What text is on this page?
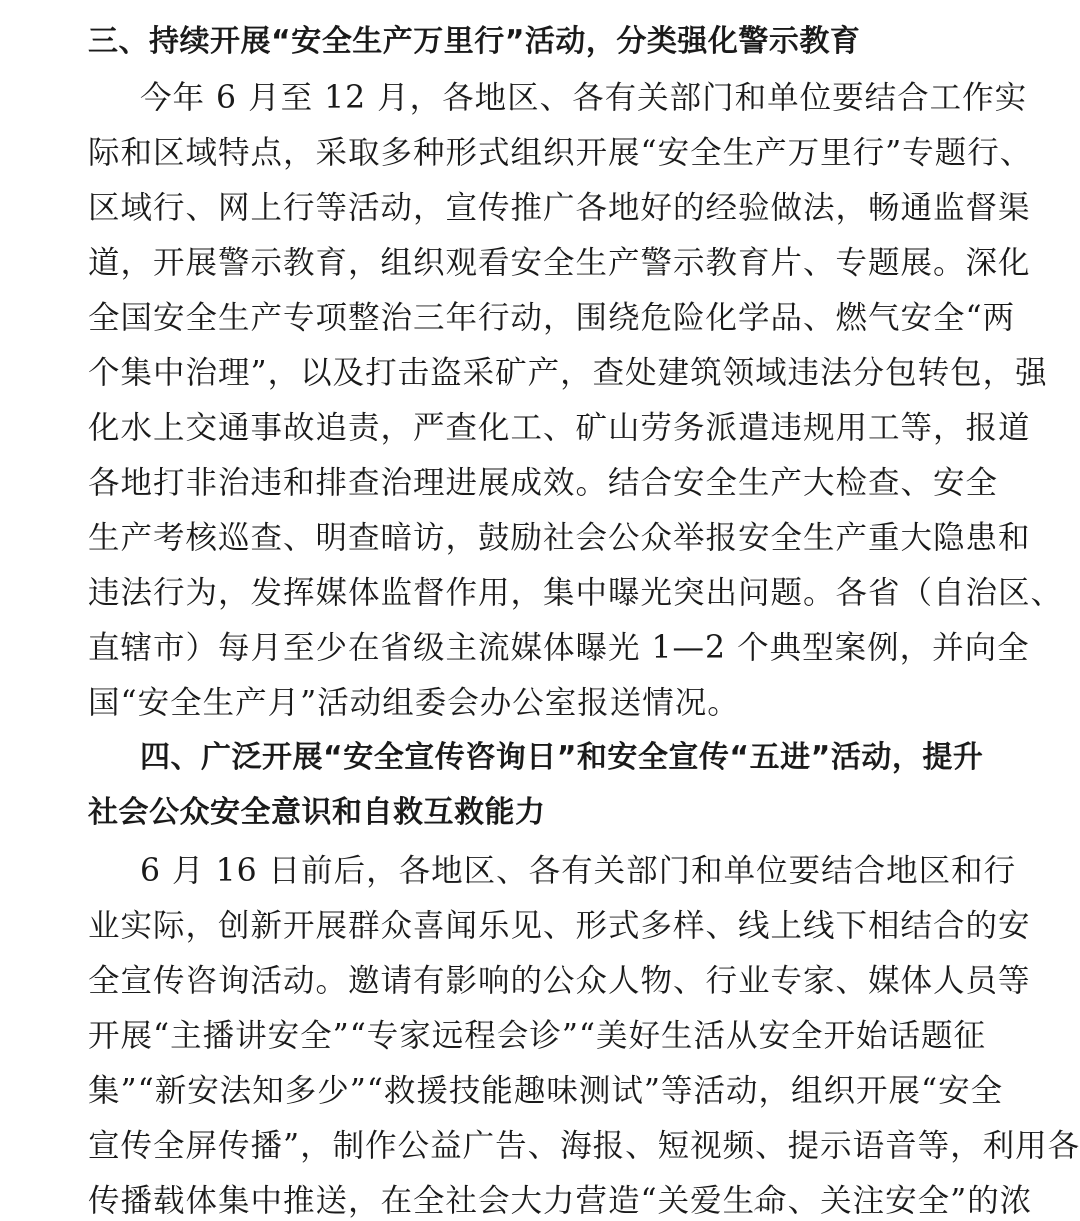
三、持续开展“安全生产万里行”活动，分类强化警示教育
今年 6 月至 12 月，各地区、各有关部门和单位要结合工作实
际和区域特点，采取多种形式组织开展“安全生产万里行”专题行、
区域行、网上行等活动，宣传推广各地好的经验做法，畅通监督渠
道，开展警示教育，组织观看安全生产警示教育片、专题展。深化
全国安全生产专项整治三年行动，围绕危险化学品、燃气安全“两
个集中治理”，以及打击盗采矿产，查处建筑领域违法分包转包，强
化水上交通事故追责，严查化工、矿山劳务派遣违规用工等，报道
各地打非治违和排查治理进展成效。结合安全生产大检查、安全
生产考核巡查、明查暗访，鼓励社会公众举报安全生产重大隐患和
违法行为，发挥媒体监督作用，集中曝光突出问题。各省（自治区、
直辖市）每月至少在省级主流媒体曝光 1—2 个典型案例，并向全
国“安全生产月”活动组委会办公室报送情况。
四、广泛开展“安全宣传咨询日”和安全宣传“五进”活动，提升
社会公众安全意识和自救互救能力
6 月 16 日前后，各地区、各有关部门和单位要结合地区和行
业实际，创新开展群众喜闻乐见、形式多样、线上线下相结合的安
全宣传咨询活动。邀请有影响的公众人物、行业专家、媒体人员等
开展“主播讲安全”“专家远程会诊”“美好生活从安全开始话题征
集”“新安法知多少”“救援技能趣味测试”等活动，组织开展“安全
宣传全屏传播”，制作公益广告、海报、短视频、提示语音等，利用各
传播载体集中推送，在全社会大力营造“关爱生命、关注安全”的浓
